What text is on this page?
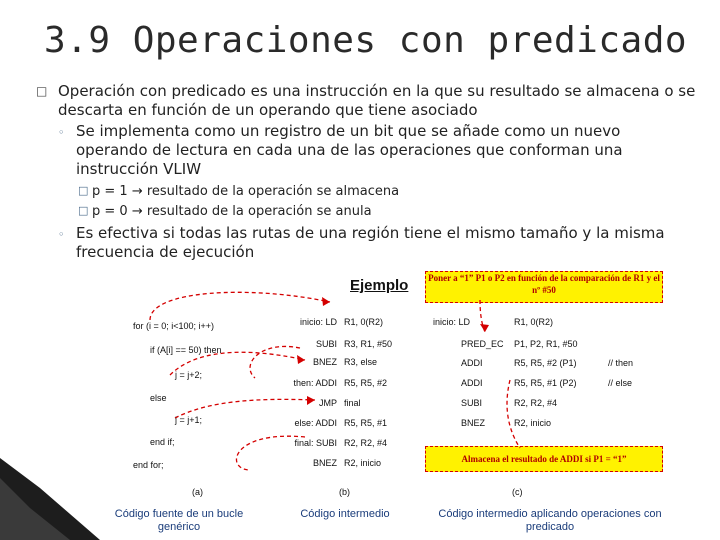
3.9 Operaciones con predicado
□ Operación con predicado es una instrucción en la que su resultado se almacena o se descarta en función de un operando que tiene asociado
◦ Se implementa como un registro de un bit que se añade como un nuevo operando de lectura en cada una de las operaciones que conforman una instrucción VLIW
□ p = 1 → resultado de la operación se almacena
□ p = 0 → resultado de la operación se anula
◦ Es efectiva si todas las rutas de una región tiene el mismo tamaño y la misma frecuencia de ejecución
Ejemplo	Poner a “1” P1 o P2 en función de la comparación de R1 y el nº #50
Almacena el resultado de ADDI si P1 = “1”
for (i = 0; i<100; i++)
if (A[i] == 50) then
j = j+2;
else
j = j+1;
end if;
end for;
inicio: LD R1, 0(R2)
SUBI R3, R1, #50
BNEZ R3, else
then: ADDI R5, R5, #2
JMP final
else: ADDI R5, R5, #1
final: SUBI R2, R2, #4
BNEZ R2, inicio
inicio: LD	R1, 0(R2)
PRED_EC P1, P2, R1, #50
ADDI	R5, R5, #2 (P1)	// then
ADDI	R5, R5, #1 (P2)	// else
SUBI	R2, R2, #4
BNEZ	R2, inicio
(a)	(b)	(c)
Código fuente de un bucle genérico
Código intermedio	Código intermedio aplicando operaciones con predicado
